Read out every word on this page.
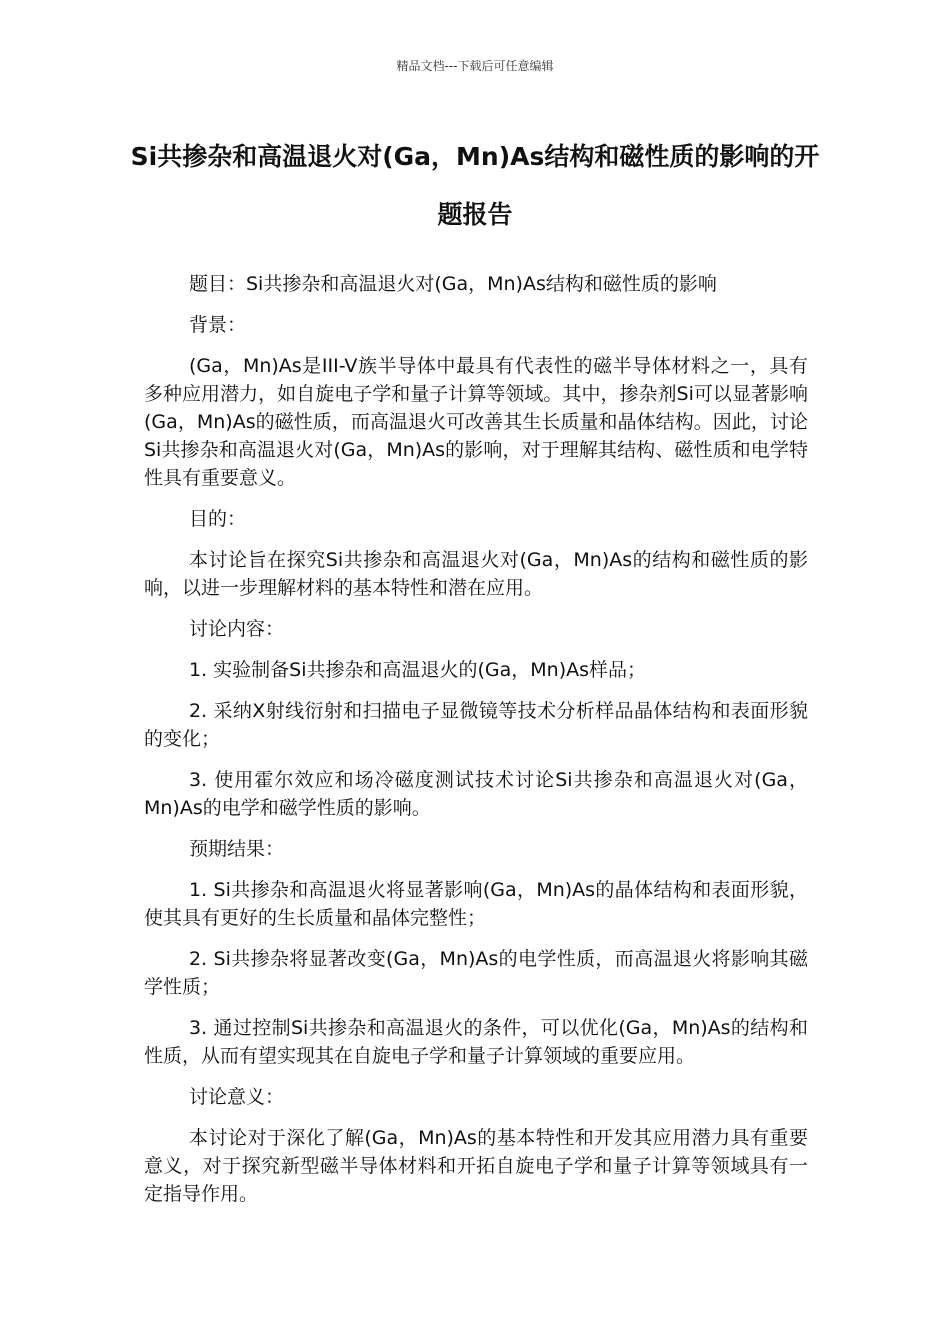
精品文档---下载后可任意编辑
Si共掺杂和高温退火对(Ga，Mn)As结构和磁性质的影响的开题报告

题目：Si共掺杂和高温退火对(Ga，Mn)As结构和磁性质的影响

背景：

(Ga，Mn)As是III-V族半导体中最具有代表性的磁半导体材料之一，具有多种应用潜力，如自旋电子学和量子计算等领域。其中，掺杂剂Si可以显著影响(Ga，Mn)As的磁性质，而高温退火可改善其生长质量和晶体结构。因此，讨论Si共掺杂和高温退火对(Ga，Mn)As的影响，对于理解其结构、磁性质和电学特性具有重要意义。

目的：

本讨论旨在探究Si共掺杂和高温退火对(Ga，Mn)As的结构和磁性质的影响，以进一步理解材料的基本特性和潜在应用。

讨论内容：

1. 实验制备Si共掺杂和高温退火的(Ga，Mn)As样品；

2. 采纳X射线衍射和扫描电子显微镜等技术分析样品晶体结构和表面形貌的变化；

3. 使用霍尔效应和场冷磁度测试技术讨论Si共掺杂和高温退火对(Ga，Mn)As的电学和磁学性质的影响。

预期结果：

1. Si共掺杂和高温退火将显著影响(Ga，Mn)As的晶体结构和表面形貌，使其具有更好的生长质量和晶体完整性；

2. Si共掺杂将显著改变(Ga，Mn)As的电学性质，而高温退火将影响其磁学性质；

3. 通过控制Si共掺杂和高温退火的条件，可以优化(Ga，Mn)As的结构和性质，从而有望实现其在自旋电子学和量子计算领域的重要应用。

讨论意义：

本讨论对于深化了解(Ga，Mn)As的基本特性和开发其应用潜力具有重要意义，对于探究新型磁半导体材料和开拓自旋电子学和量子计算等领域具有一定指导作用。
